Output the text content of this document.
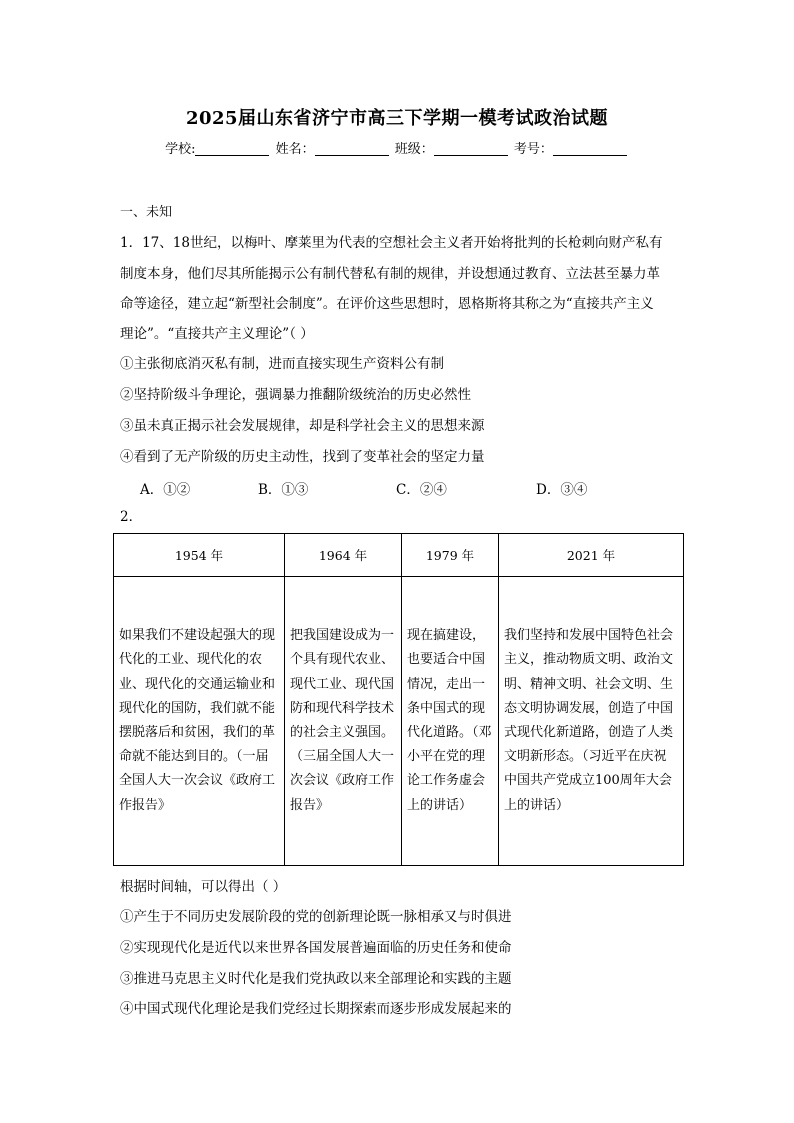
2025届山东省济宁市高三下学期一模考试政治试题
学校:	姓名：	班级：	考号：
一、未知
1．17、18世纪，以梅叶、摩莱里为代表的空想社会主义者开始将批判的长枪刺向财产私有
制度本身，他们尽其所能揭示公有制代替私有制的规律，并设想通过教育、立法甚至暴力革
命等途径，建立起“新型社会制度”。在评价这些思想时，恩格斯将其称之为“直接共产主义
理论”。“直接共产主义理论”（ ）
①主张彻底消灭私有制，进而直接实现生产资料公有制
②坚持阶级斗争理论，强调暴力推翻阶级统治的历史必然性
③虽未真正揭示社会发展规律，却是科学社会主义的思想来源
④看到了无产阶级的历史主动性，找到了变革社会的坚定力量
A．①②	B．①③	C．②④	D．③④
2．
1954 年	1964 年	1979 年	2021 年

如果我们不建设起强大的现代化的工业、现代化的农业、现代化的交通运输业和现代化的国防，我们就不能摆脱落后和贫困，我们的革命就不能达到目的。（一届全国人大一次会议《政府工作报告》	把我国建设成为一个具有现代农业、现代工业、现代国防和现代科学技术的社会主义强国。（三届全国人大一次会议《政府工作报告》	现在搞建设，也要适合中国情况，走出一条中国式的现代化道路。（邓小平在党的理论工作务虚会上的讲话）	我们坚持和发展中国特色社会主义，推动物质文明、政治文明、精神文明、社会文明、生态文明协调发展，创造了中国式现代化新道路，创造了人类文明新形态。（习近平在庆祝中国共产党成立100周年大会上的讲话）
根据时间轴，可以得出（ ）
①产生于不同历史发展阶段的党的创新理论既一脉相承又与时俱进
②实现现代化是近代以来世界各国发展普遍面临的历史任务和使命
③推进马克思主义时代化是我们党执政以来全部理论和实践的主题
④中国式现代化理论是我们党经过长期探索而逐步形成发展起来的
